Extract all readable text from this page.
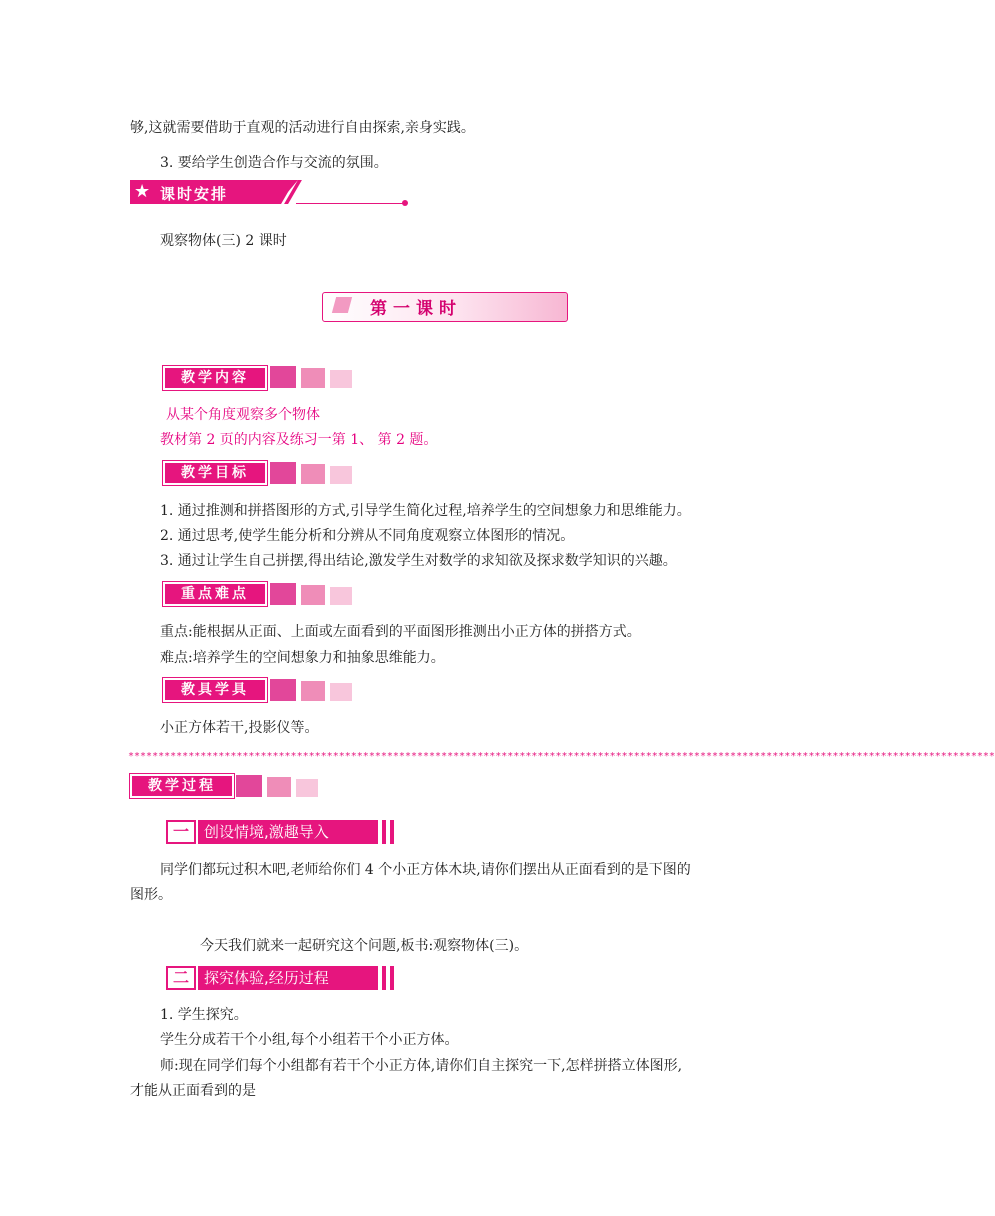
够,这就需要借助于直观的活动进行自由探索,亲身实践。
3. 要给学生创造合作与交流的氛围。
★ 课时安排
观察物体(三) 2 课时
第一课时
教学内容
从某个角度观察多个物体
教材第 2 页的内容及练习一第 1、 第 2 题。
教学目标
1. 通过推测和拼搭图形的方式,引导学生简化过程,培养学生的空间想象力和思维能力。
2. 通过思考,使学生能分析和分辨从不同角度观察立体图形的情况。
3. 通过让学生自己拼摆,得出结论,激发学生对数学的求知欲及探求数学知识的兴趣。
重点难点
重点:能根据从正面、上面或左面看到的平面图形推测出小正方体的拼搭方式。
难点:培养学生的空间想象力和抽象思维能力。
教具学具
小正方体若干,投影仪等。
************************************************************************************************************************************************
教学过程
一	创设情境,激趣导入
同学们都玩过积木吧,老师给你们 4 个小正方体木块,请你们摆出从正面看到的是下图的
图形。
今天我们就来一起研究这个问题,板书:观察物体(三)。
二	探究体验,经历过程
1. 学生探究。
学生分成若干个小组,每个小组若干个小正方体。
师:现在同学们每个小组都有若干个小正方体,请你们自主探究一下,怎样拼搭立体图形,
才能从正面看到的是
